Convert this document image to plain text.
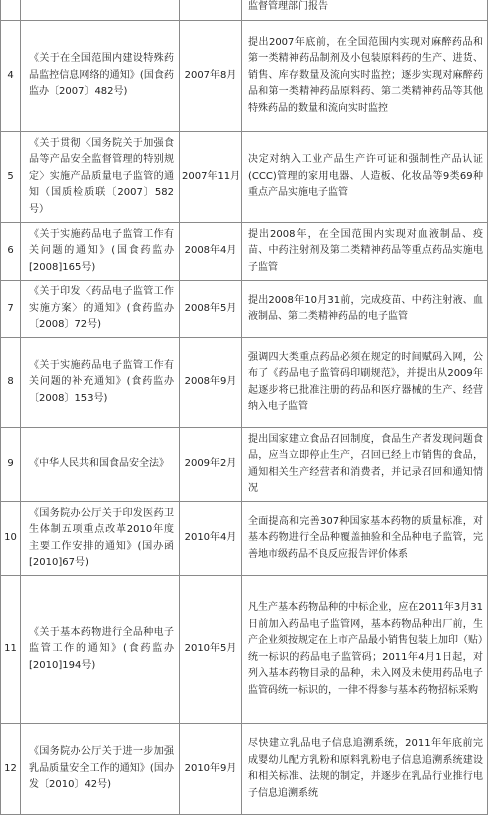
			监督管理部门报告
4	《关于在全国范围内建设特殊药品监控信息网络的通知》(国食药监办〔2007〕482号)	2007年8月	提出2007年底前，在全国范围内实现对麻醉药品和第一类精神药品制剂及小包装原料药的生产、进货、销售、库存数量及流向实时监控；逐步实现对麻醉药品和第一类精神药品原料药、第二类精神药品等其他特殊药品的数量和流向实时监控
5	《关于贯彻〈国务院关于加强食品等产品安全监督管理的特别规定〉实施产品质量电子监管的通知（国质检质联〔2007〕582号）	2007年11月	决定对纳入工业产品生产许可证和强制性产品认证(CCC)管理的家用电器、人造板、化妆品等9类69种重点产品实施电子监管
6	《关于实施药品电子监管工作有关问题的通知》(国食药监办[2008]165号)	2008年4月	提出2008年，在全国范围内实现对血液制品、疫苗、中药注射剂及第二类精神药品等重点药品实施电子监管
7	《关于印发〈药品电子监管工作实施方案〉的通知》(食药监办〔2008〕72号)	2008年5月	提出2008年10月31前，完成疫苗、中药注射液、血液制品、第二类精神药品的电子监管
8	《关于实施药品电子监管工作有关问题的补充通知》(食药监办〔2008〕153号)	2008年9月	强调四大类重点药品必须在规定的时间赋码入网，公布了《药品电子监管码印刷规范》，并提出从2009年起逐步将已批准注册的药品和医疗器械的生产、经营纳入电子监管
9	《中华人民共和国食品安全法》	2009年2月	提出国家建立食品召回制度，食品生产者发现问题食品，应当立即停止生产，召回已经上市销售的食品，通知相关生产经营者和消费者，并记录召回和通知情况
10	《国务院办公厅关于印发医药卫生体制五项重点改革2010年度主要工作安排的通知》(国办函[2010]67号)	2010年4月	全面提高和完善307种国家基本药物的质量标准，对基本药物进行全品种覆盖抽验和全品种电子监管，完善地市级药品不良反应报告评价体系
11	《关于基本药物进行全品种电子监管工作的通知》(食药监办[2010]194号)	2010年5月	凡生产基本药物品种的中标企业，应在2011年3月31日前加入药品电子监管网，基本药物品种出厂前，生产企业须按规定在上市产品最小销售包装上加印（贴）统一标识的药品电子监管码；2011年4月1日起，对列入基本药物目录的品种，未入网及未使用药品电子监管码统一标识的，一律不得参与基本药物招标采购
12	《国务院办公厅关于进一步加强乳品质量安全工作的通知》(国办发〔2010〕42号)	2010年9月	尽快建立乳品电子信息追溯系统，2011年年底前完成婴幼儿配方乳粉和原料乳粉电子信息追溯系统建设和相关标准、法规的制定，并逐步在乳品行业推行电子信息追溯系统
